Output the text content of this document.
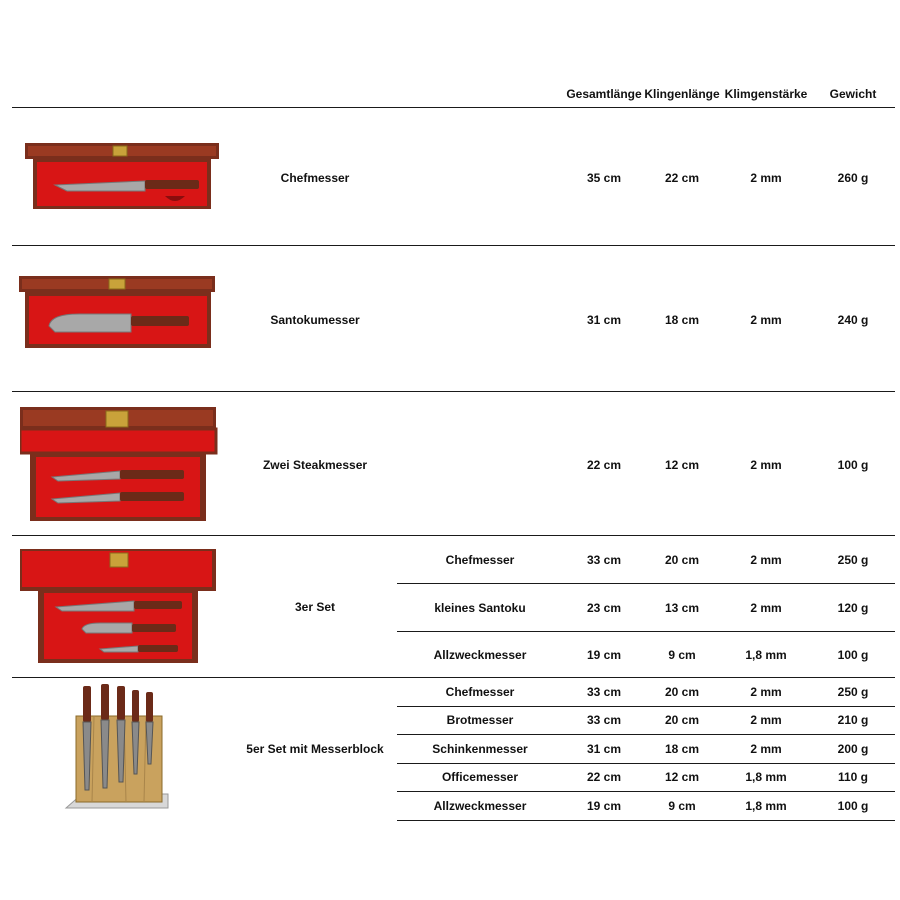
Gesamtlänge Klingenlänge Klimgenstärke Gewicht
Chefmesser	35 cm	22 cm	2 mm	260 g
Santokumesser	31 cm	18 cm	2 mm	240 g
Zwei Steakmesser	22 cm	12 cm	2 mm	100 g
3er Set
Chefmesser	33 cm	20 cm	2 mm	250 g
kleines Santoku	23 cm	13 cm	2 mm	120 g
Allzweckmesser	19 cm	9 cm	1,8 mm	100 g
5er Set mit Messerblock
Chefmesser	33 cm	20 cm	2 mm	250 g
Brotmesser	33 cm	20 cm	2 mm	210 g
Schinkenmesser	31 cm	18 cm	2 mm	200 g
Officemesser	22 cm	12 cm	1,8 mm	110 g
Allzweckmesser	19 cm	9 cm	1,8 mm	100 g
